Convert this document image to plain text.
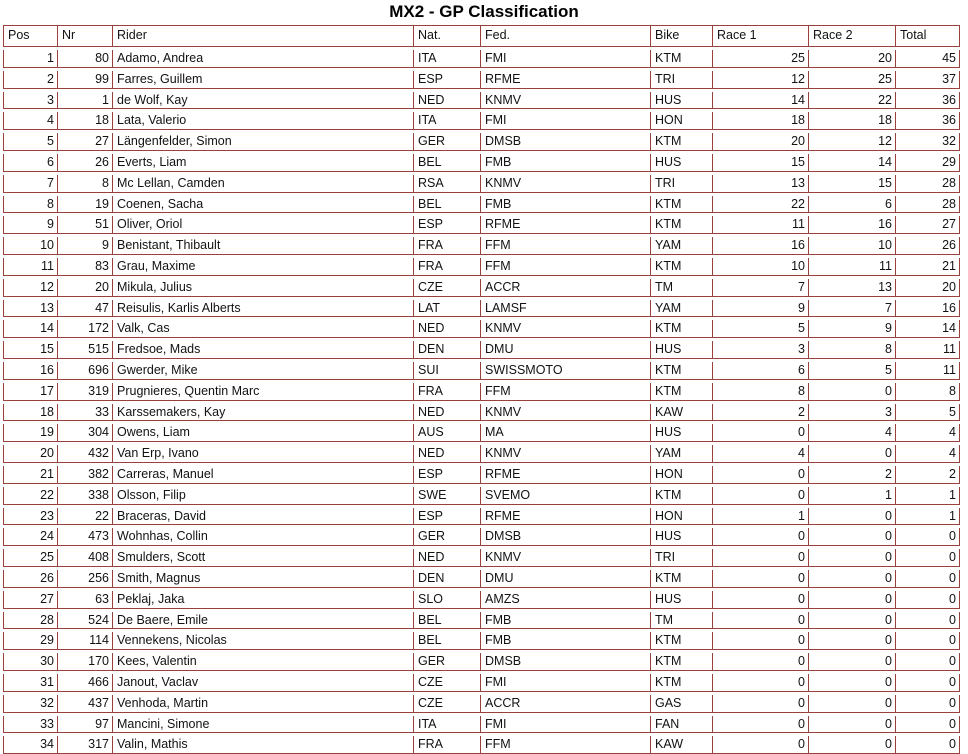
MX2 - GP Classification
Pos	Nr	Rider	Nat.	Fed.	Bike	Race 1	Race 2	Total
1	80 Adamo, Andrea	ITA	FMI	KTM	25	20	45
2	99 Farres, Guillem	ESP	RFME	TRI	12	25	37
3	1 de Wolf, Kay	NED	KNMV	HUS	14	22	36
4	18 Lata, Valerio	ITA	FMI	HON	18	18	36
5	27 Längenfelder, Simon	GER	DMSB	KTM	20	12	32
6	26 Everts, Liam	BEL	FMB	HUS	15	14	29
7	8 Mc Lellan, Camden	RSA	KNMV	TRI	13	15	28
8	19 Coenen, Sacha	BEL	FMB	KTM	22	6	28
9	51 Oliver, Oriol	ESP	RFME	KTM	11	16	27
10	9 Benistant, Thibault	FRA	FFM	YAM	16	10	26
11	83 Grau, Maxime	FRA	FFM	KTM	10	11	21
12	20 Mikula, Julius	CZE	ACCR	TM	7	13	20
13	47 Reisulis, Karlis Alberts	LAT	LAMSF	YAM	9	7	16
14	172 Valk, Cas	NED	KNMV	KTM	5	9	14
15	515 Fredsoe, Mads	DEN	DMU	HUS	3	8	11
16	696 Gwerder, Mike	SUI	SWISSMOTO	KTM	6	5	11
17	319 Prugnieres, Quentin Marc	FRA	FFM	KTM	8	0	8
18	33 Karssemakers, Kay	NED	KNMV	KAW	2	3	5
19	304 Owens, Liam	AUS	MA	HUS	0	4	4
20	432 Van Erp, Ivano	NED	KNMV	YAM	4	0	4
21	382 Carreras, Manuel	ESP	RFME	HON	0	2	2
22	338 Olsson, Filip	SWE	SVEMO	KTM	0	1	1
23	22 Braceras, David	ESP	RFME	HON	1	0	1
24	473 Wohnhas, Collin	GER	DMSB	HUS	0	0	0
25	408 Smulders, Scott	NED	KNMV	TRI	0	0	0
26	256 Smith, Magnus	DEN	DMU	KTM	0	0	0
27	63 Peklaj, Jaka	SLO	AMZS	HUS	0	0	0
28	524 De Baere, Emile	BEL	FMB	TM	0	0	0
29	114 Vennekens, Nicolas	BEL	FMB	KTM	0	0	0
30	170 Kees, Valentin	GER	DMSB	KTM	0	0	0
31	466 Janout, Vaclav	CZE	FMI	KTM	0	0	0
32	437 Venhoda, Martin	CZE	ACCR	GAS	0	0	0
33	97 Mancini, Simone	ITA	FMI	FAN	0	0	0
34	317 Valin, Mathis	FRA	FFM	KAW	0	0	0
